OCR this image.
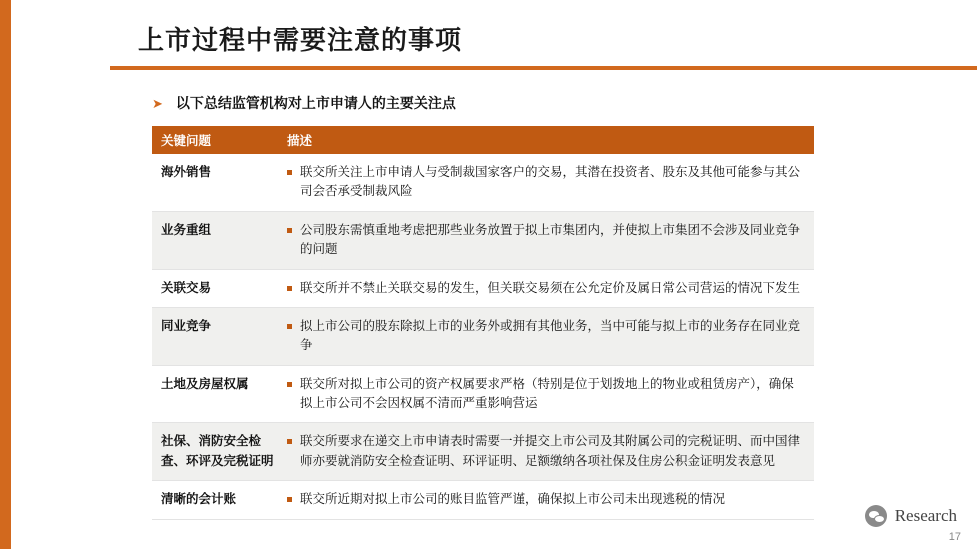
上市过程中需要注意的事项
➤ 以下总结监管机构对上市申请人的主要关注点
关键问题	描述
海外销售	联交所关注上市申请人与受制裁国家客户的交易，其潜在投资者、股东及其他可能参与其公司会否承受制裁风险

业务重组	公司股东需慎重地考虑把那些业务放置于拟上市集团内，并使拟上市集团不会涉及同业竞争的问题

关联交易	联交所并不禁止关联交易的发生，但关联交易须在公允定价及属日常公司营运的情况下发生

同业竞争	拟上市公司的股东除拟上市的业务外或拥有其他业务，当中可能与拟上市的业务存在同业竞争

土地及房屋权属	联交所对拟上市公司的资产权属要求严格（特别是位于划拨地上的物业或租赁房产），确保拟上市公司不会因权属不清而严重影响营运

社保、消防安全检查、环评及完税证明	联交所要求在递交上市申请表时需要一并提交上市公司及其附属公司的完税证明、而中国律师亦要就消防安全检查证明、环评证明、足额缴纳各项社保及住房公积金证明发表意见

清晰的会计账	联交所近期对拟上市公司的账目监管严谨，确保拟上市公司未出现逃税的情况
Research
17
